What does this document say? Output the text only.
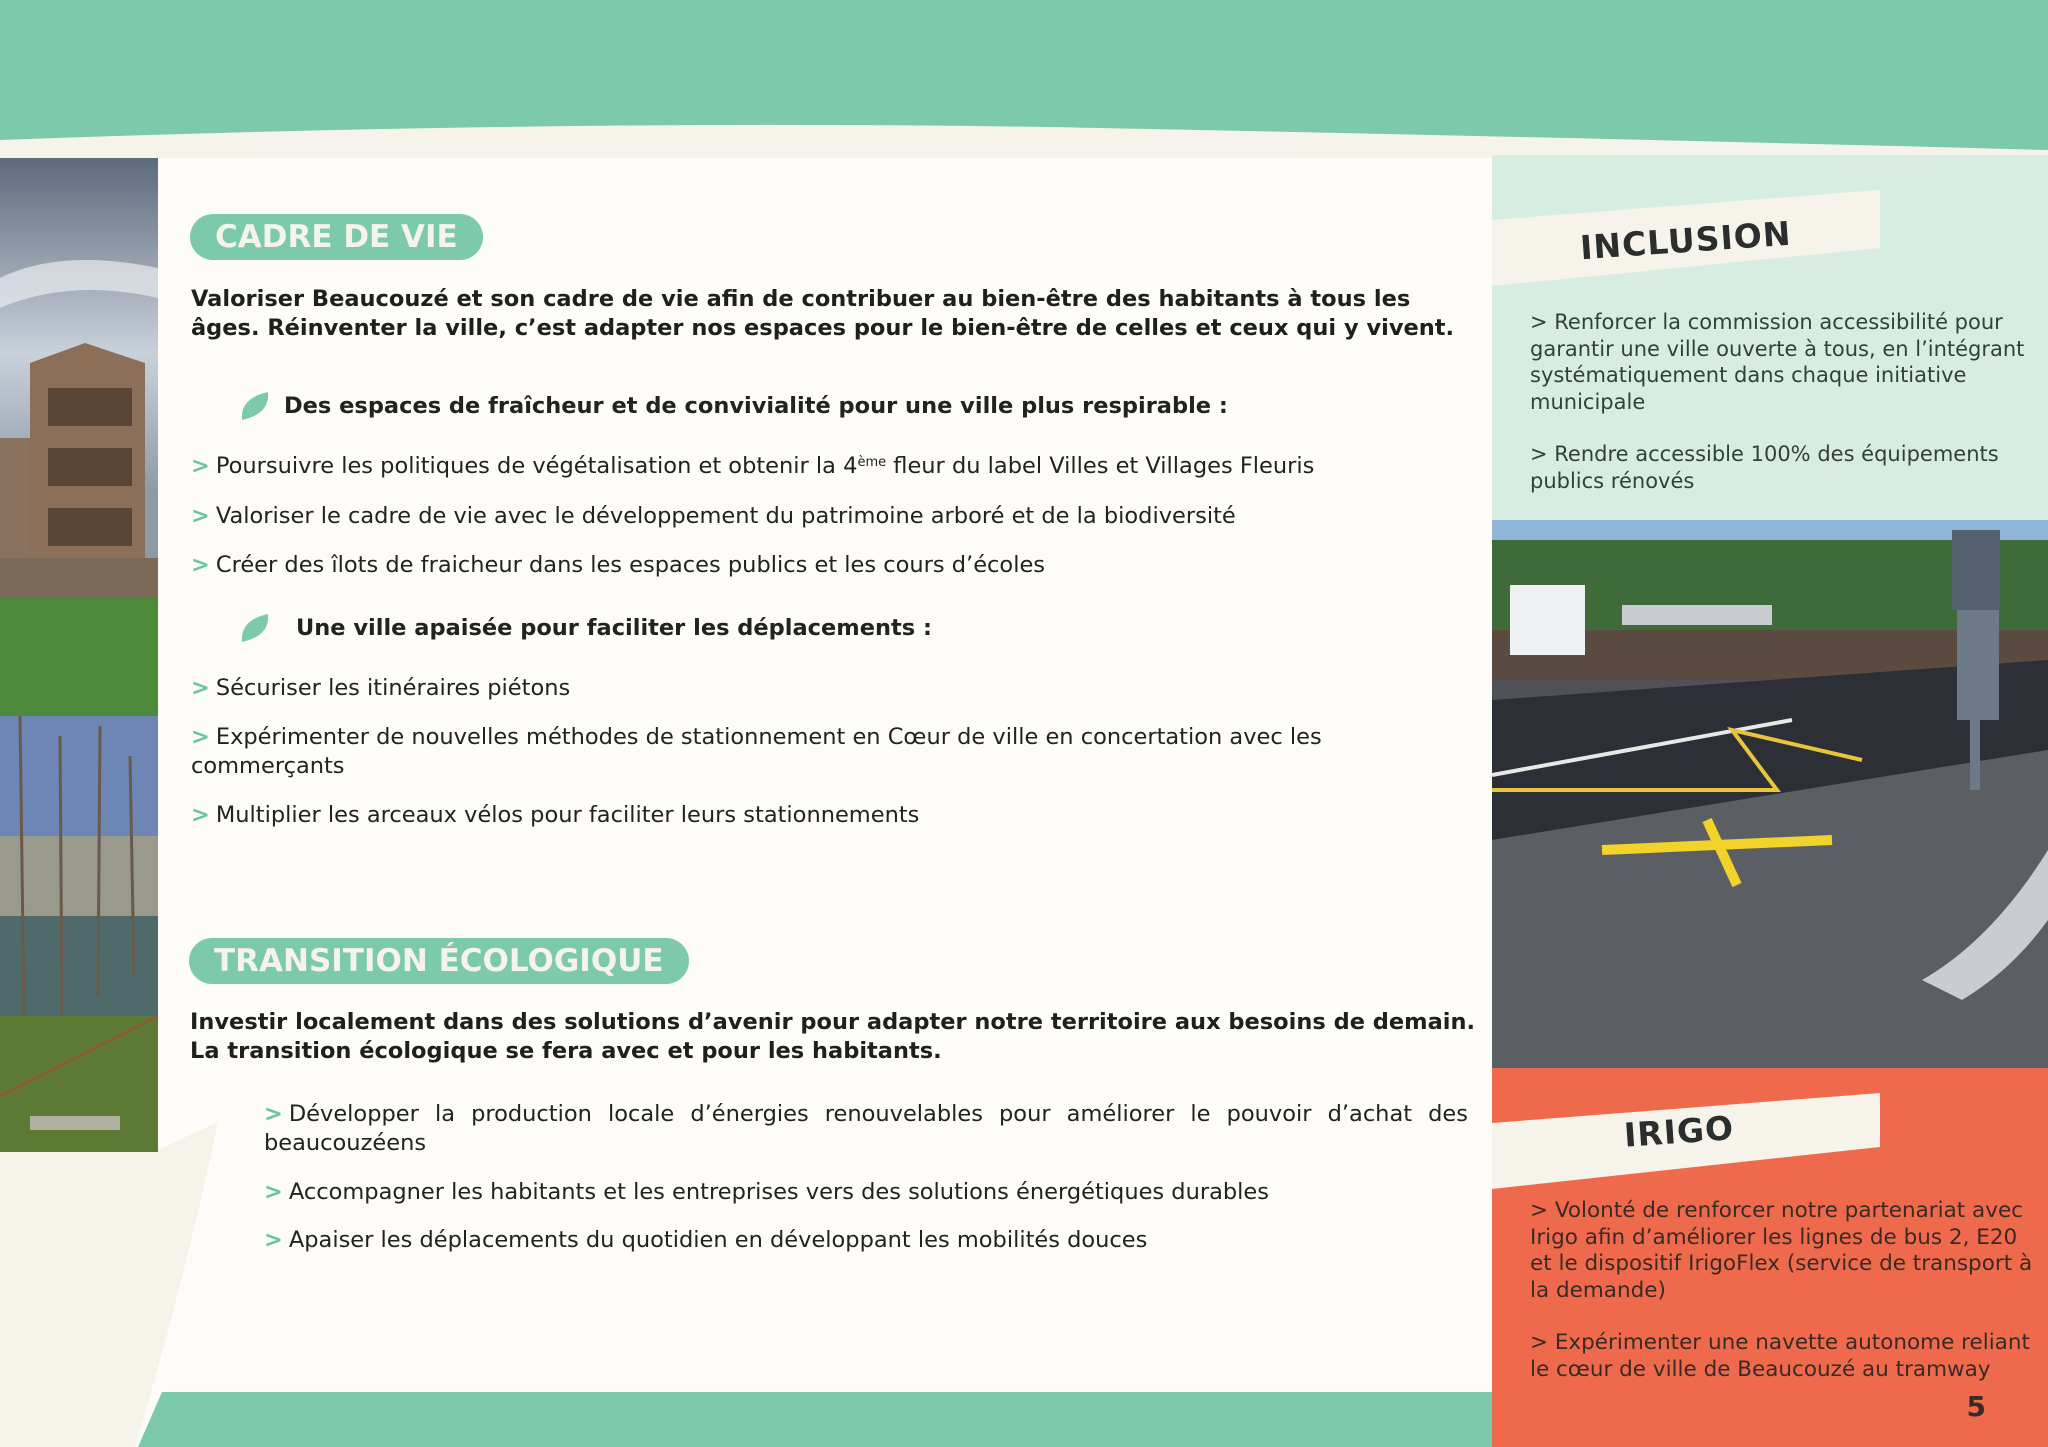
CADRE DE VIE
Valoriser Beaucouzé et son cadre de vie afin de contribuer au bien-être des habitants à tous les âges. Réinventer la ville, c’est adapter nos espaces pour le bien-être de celles et ceux qui y vivent.
Des espaces de fraîcheur et de convivialité pour une ville plus respirable :
> Poursuivre les politiques de végétalisation et obtenir la 4ème fleur du label Villes et Villages Fleuris
> Valoriser le cadre de vie avec le développement du patrimoine arboré et de la biodiversité
> Créer des îlots de fraicheur dans les espaces publics et les cours d’écoles
Une ville apaisée pour faciliter les déplacements :
> Sécuriser les itinéraires piétons
> Expérimenter de nouvelles méthodes de stationnement en Cœur de ville en concertation avec les commerçants
> Multiplier les arceaux vélos pour faciliter leurs stationnements
TRANSITION ÉCOLOGIQUE
Investir localement dans des solutions d’avenir pour adapter notre territoire aux besoins de demain. La transition écologique se fera avec et pour les habitants.
> Développer la production locale d’énergies renouvelables pour améliorer le pouvoir d’achat des beaucouzéens
> Accompagner les habitants et les entreprises vers des solutions énergétiques durables
> Apaiser les déplacements du quotidien en développant les mobilités douces
INCLUSION

> Renforcer la commission accessibilité pour garantir une ville ouverte à tous, en l’intégrant systématiquement dans chaque initiative municipale

> Rendre accessible 100% des équipements publics rénovés

IRIGO

> Volonté de renforcer notre partenariat avec Irigo afin d’améliorer les lignes de bus 2, E20 et le dispositif IrigoFlex (service de transport à la demande)

> Expérimenter une navette autonome reliant le cœur de ville de Beaucouzé au tramway

5
